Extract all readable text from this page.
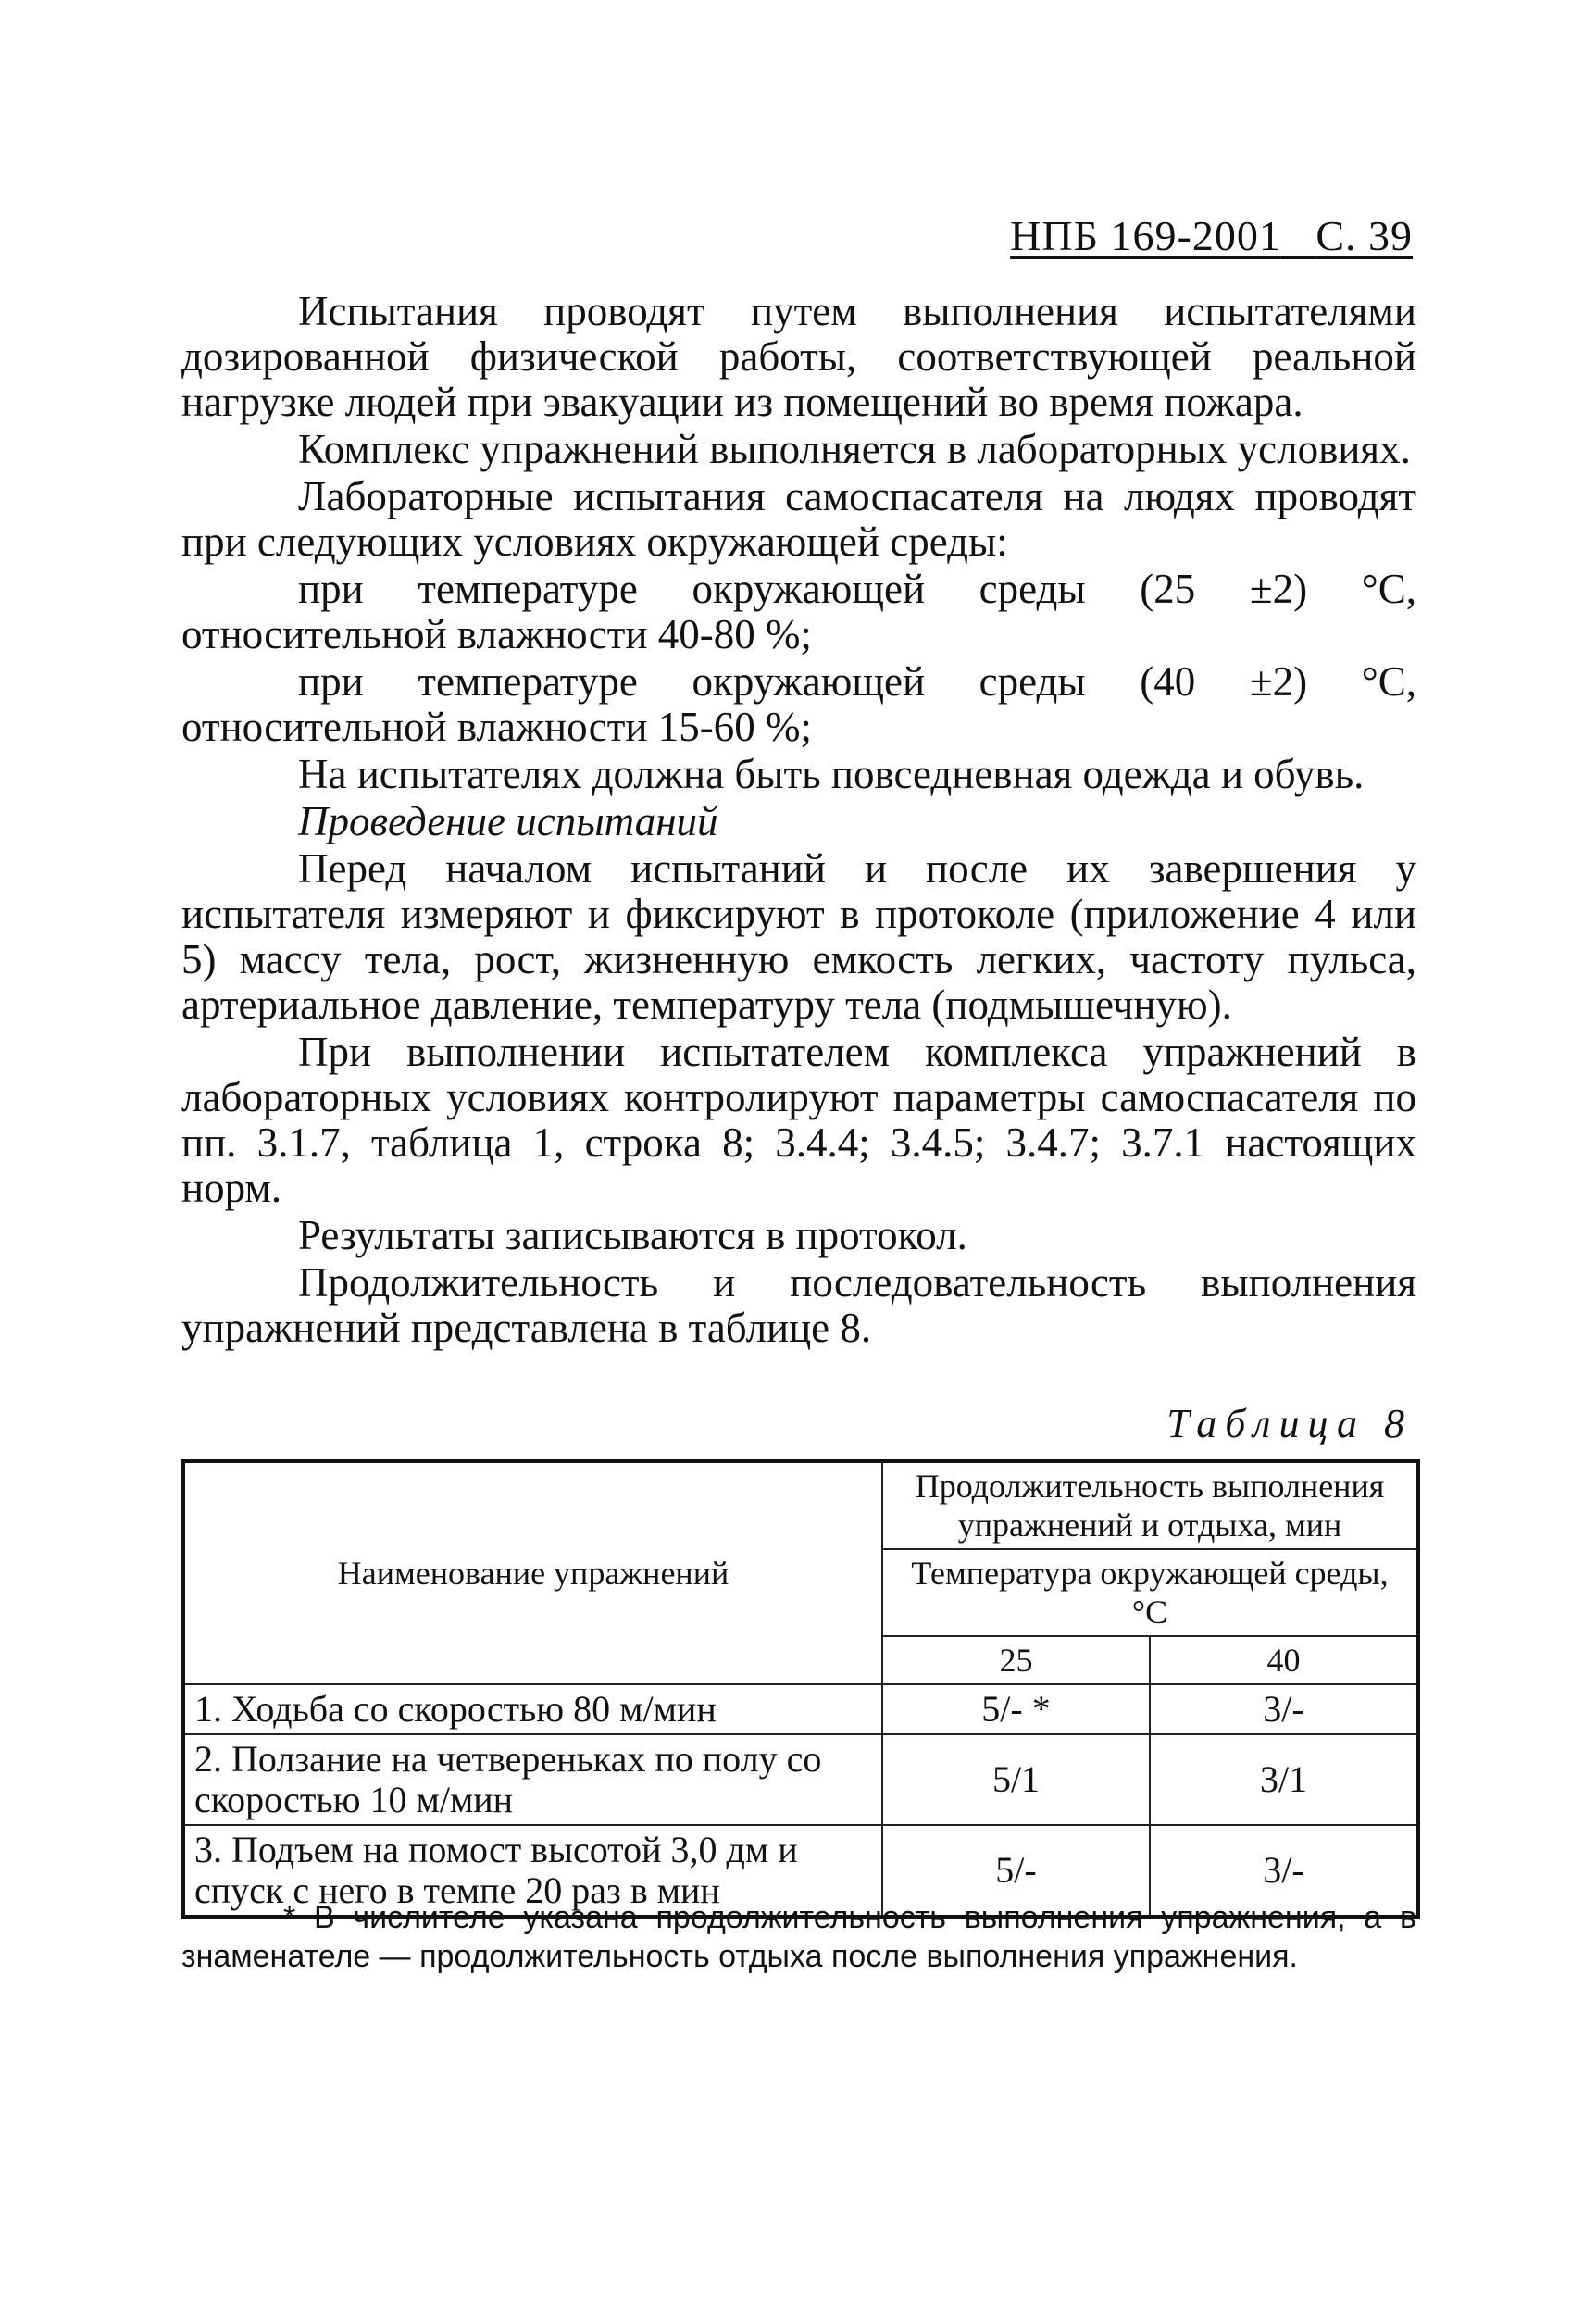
НПБ 169-2001 С. 39

Испытания проводят путем выполнения испытателями дозированной физической работы, соответствующей реальной нагрузке людей при эвакуации из помещений во время пожара.

Комплекс упражнений выполняется в лабораторных условиях.

Лабораторные испытания самоспасателя на людях проводят при следующих условиях окружающей среды:

при температуре окружающей среды (25 ±2) °С, относительной влажности 40-80 %;

при температуре окружающей среды (40 ±2) °С, относительной влажности 15-60 %;

На испытателях должна быть повседневная одежда и обувь.

Проведение испытаний

Перед началом испытаний и после их завершения у испытателя измеряют и фиксируют в протоколе (приложение 4 или 5) массу тела, рост, жизненную емкость легких, частоту пульса, артериальное давление, температуру тела (подмышечную).

При выполнении испытателем комплекса упражнений в лабораторных условиях контролируют параметры самоспасателя по пп. 3.1.7, таблица 1, строка 8; 3.4.4; 3.4.5; 3.4.7; 3.7.1 настоящих норм.

Результаты записываются в протокол.

Продолжительность и последовательность выполнения упражнений представлена в таблице 8.

Таблица 8
Наименование упражнений	Продолжительность выполнения упражнений и отдыха, мин	
	Температура окружающей среды, °С	
	25	40
1. Ходьба со скоростью 80 м/мин	5/- *	3/-
2. Ползание на четвереньках по полу со скоростью 10 м/мин	5/1	3/1
3. Подъем на помост высотой 3,0 дм и спуск с него в темпе 20 раз в мин	5/-	3/-

* В числителе указана продолжительность выполнения упражнения, а в знаменателе — продолжительность отдыха после выполнения упражнения.
